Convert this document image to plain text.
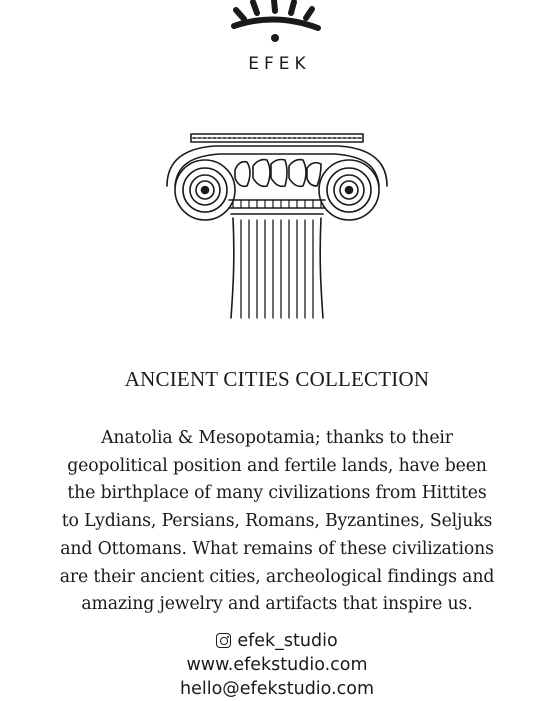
EFEK
ANCIENT CITIES COLLECTION
Anatolia & Mesopotamia; thanks to their
geopolitical position and fertile lands, have been
the birthplace of many civilizations from Hittites
to Lydians, Persians, Romans, Byzantines, Seljuks
and Ottomans. What remains of these civilizations
are their ancient cities, archeological findings and
amazing jewelry and artifacts that inspire us.
efek_studio
www.efekstudio.com
hello@efekstudio.com
